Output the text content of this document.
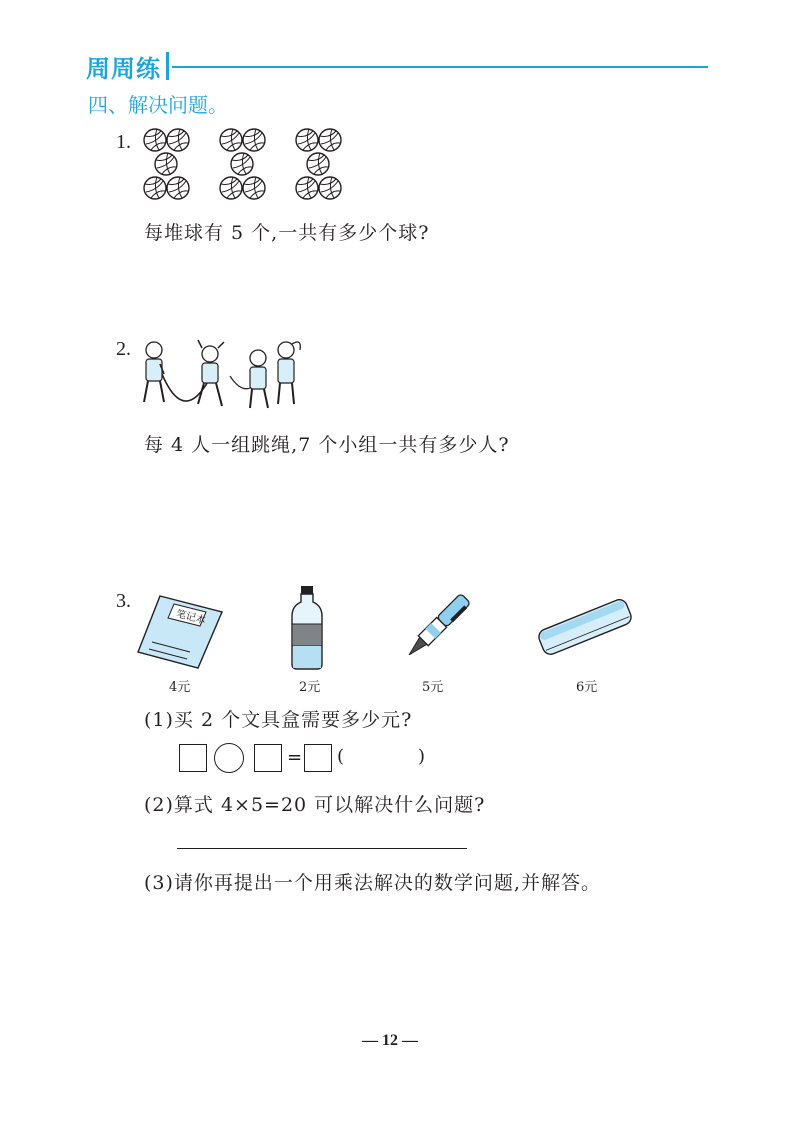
周周练
四、解决问题。
1.
每堆球有 5 个,一共有多少个球?
2.
每 4 人一组跳绳,7 个小组一共有多少人?
3.
笔记本
4元	2元	5元	6元
(1)买 2 个文具盒需要多少元?
= (	)
(2)算式 4×5=20 可以解决什么问题?
(3)请你再提出一个用乘法解决的数学问题,并解答。
— 12 —
